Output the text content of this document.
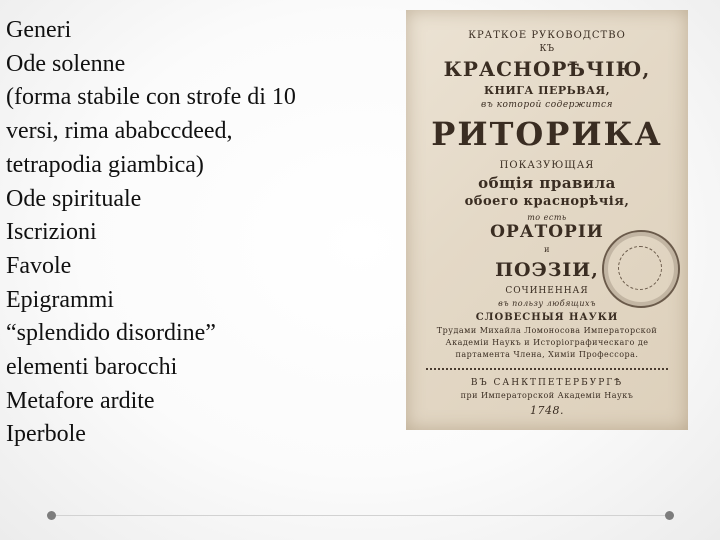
Generi
Ode solenne
(forma stabile con strofe di 10
versi, rima ababccdeed,
tetrapodia giambica)
Ode spirituale
Iscrizioni
Favole
Epigrammi
“splendido disordine”
elementi barocchi
Metafore ardite
Iperbole
КРАТКОЕ РУКОВОДСТВО
КЪ
КРАСНОРѢЧІЮ,
КНИГА ПЕРЬВАЯ,
въ которой содержится
РИТОРИКА
ПОКАЗУЮЩАЯ
общія правила
обоего краснорѣчія,
то есть
ОРАТОРІИ
и
ПОЭЗІИ,
СОЧИНЕННАЯ
въ пользу любящихъ
СЛОВЕСНЫЯ НАУКИ
Трудами Михайла Ломоносова Императорской
Академіи Наукъ и Исторіографическаго де
партамента Члена, Химіи Профессора.
ВЪ САНКТПЕТЕРБУРГѢ
при Императорской Академіи Наукъ
1748.
